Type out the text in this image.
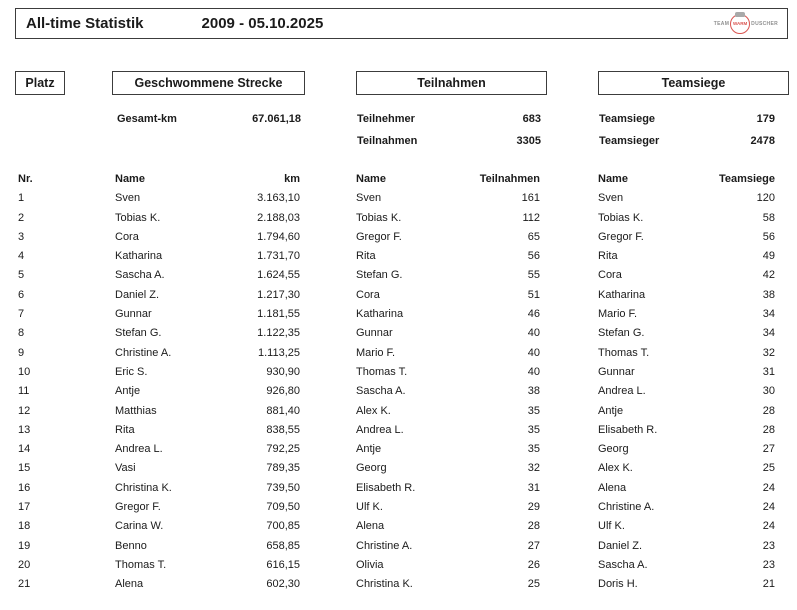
All-time Statistik	2009 - 05.10.2025	TEAM WARM DUSCHER
Platz	Geschwommene Strecke	Teilnahmen	Teamsiege
Gesamt-km	67.061,18	Teilnehmer	683
Teilnahmen	3305
Teamsiege	179
Teamsieger	2478
Nr.	Name	km	Name	Teilnahmen	Name	Teamsiege
1	Sven	3.163,10	Sven	161	Sven	120
2	Tobias K.	2.188,03	Tobias K.	112	Tobias K.	58
3	Cora	1.794,60	Gregor F.	65	Gregor F.	56
4	Katharina	1.731,70	Rita	56	Rita	49
5	Sascha A.	1.624,55	Stefan G.	55	Cora	42
6	Daniel Z.	1.217,30	Cora	51	Katharina	38
7	Gunnar	1.181,55	Katharina	46	Mario F.	34
8	Stefan G.	1.122,35	Gunnar	40	Stefan G.	34
9	Christine A.	1.113,25	Mario F.	40	Thomas T.	32
10	Eric S.	930,90	Thomas T.	40	Gunnar	31
11	Antje	926,80	Sascha A.	38	Andrea L.	30
12	Matthias	881,40	Alex K.	35	Antje	28
13	Rita	838,55	Andrea L.	35	Elisabeth R.	28
14	Andrea L.	792,25	Antje	35	Georg	27
15	Vasi	789,35	Georg	32	Alex K.	25
16	Christina K.	739,50	Elisabeth R.	31	Alena	24
17	Gregor F.	709,50	Ulf K.	29	Christine A.	24
18	Carina W.	700,85	Alena	28	Ulf K.	24
19	Benno	658,85	Christine A.	27	Daniel Z.	23
20	Thomas T.	616,15	Olivia	26	Sascha A.	23
21	Alena	602,30	Christina K.	25	Doris H.	21
